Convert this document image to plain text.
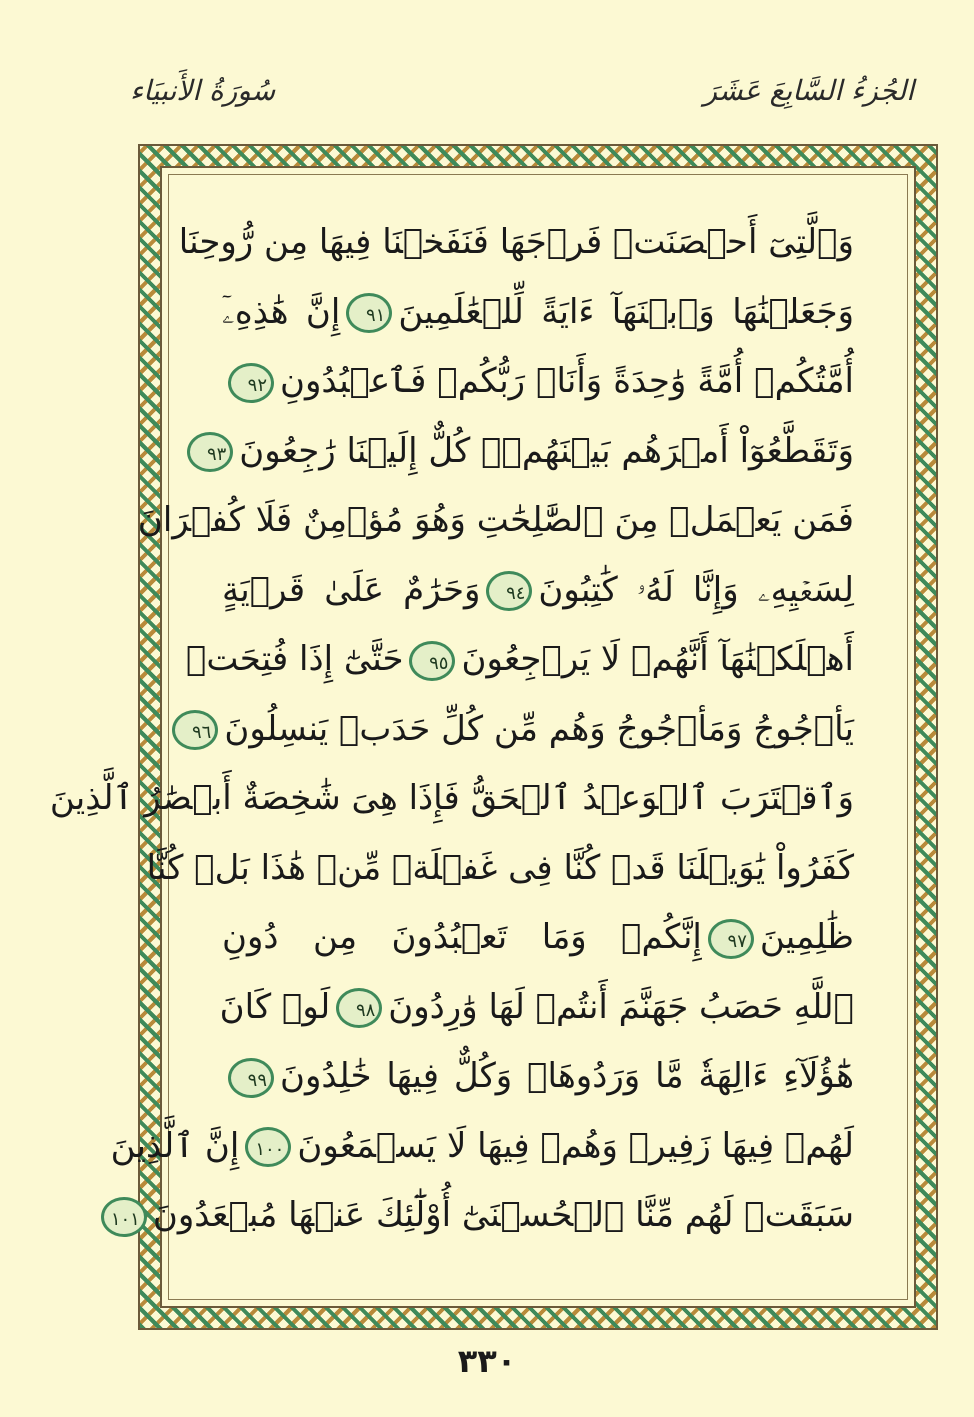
سُورَةُ الأَنبيَاء	الجُزءُ السَّابِعَ عَشَرَ
وَٱلَّتِىٓ أَحۡصَنَتۡ فَرۡجَهَا فَنَفَخۡنَا فِيهَا مِن رُّوحِنَا
وَجَعَلۡنَٰهَا وَٱبۡنَهَآ ءَايَةً لِّلۡعَٰلَمِينَ٩١إِنَّ هَٰذِهِۦٓ
أُمَّتُكُمۡ أُمَّةً وَٰحِدَةً وَأَنَا۠ رَبُّكُمۡ فَٱعۡبُدُونِ٩٢
وَتَقَطَّعُوٓاْ أَمۡرَهُم بَيۡنَهُمۡۖ كُلٌّ إِلَيۡنَا رَٰجِعُونَ٩٣
فَمَن يَعۡمَلۡ مِنَ ٱلصَّٰلِحَٰتِ وَهُوَ مُؤۡمِنٌ فَلَا كُفۡرَانَ
لِسَعۡيِهِۦ وَإِنَّا لَهُۥ كَٰتِبُونَ٩٤وَحَرَٰمٌ عَلَىٰ قَرۡيَةٍ
أَهۡلَكۡنَٰهَآ أَنَّهُمۡ لَا يَرۡجِعُونَ٩٥حَتَّىٰٓ إِذَا فُتِحَتۡ
يَأۡجُوجُ وَمَأۡجُوجُ وَهُم مِّن كُلِّ حَدَبٖ يَنسِلُونَ٩٦
وَٱقۡتَرَبَ ٱلۡوَعۡدُ ٱلۡحَقُّ فَإِذَا هِىَ شَٰخِصَةٌ أَبۡصَٰرُ ٱلَّذِينَ
كَفَرُواْ يَٰوَيۡلَنَا قَدۡ كُنَّا فِى غَفۡلَةٖ مِّنۡ هَٰذَا بَلۡ كُنَّا
ظَٰلِمِينَ٩٧إِنَّكُمۡ وَمَا تَعۡبُدُونَ مِن دُونِ
ٱللَّهِ حَصَبُ جَهَنَّمَ أَنتُمۡ لَهَا وَٰرِدُونَ٩٨لَوۡ كَانَ
هَٰٓؤُلَآءِ ءَالِهَةٗ مَّا وَرَدُوهَاۖ وَكُلٌّ فِيهَا خَٰلِدُونَ٩٩
لَهُمۡ فِيهَا زَفِيرٞ وَهُمۡ فِيهَا لَا يَسۡمَعُونَ١٠٠إِنَّ ٱلَّذِينَ
سَبَقَتۡ لَهُم مِّنَّا ٱلۡحُسۡنَىٰٓ أُوْلَٰٓئِكَ عَنۡهَا مُبۡعَدُونَ١٠١
٣٣٠
